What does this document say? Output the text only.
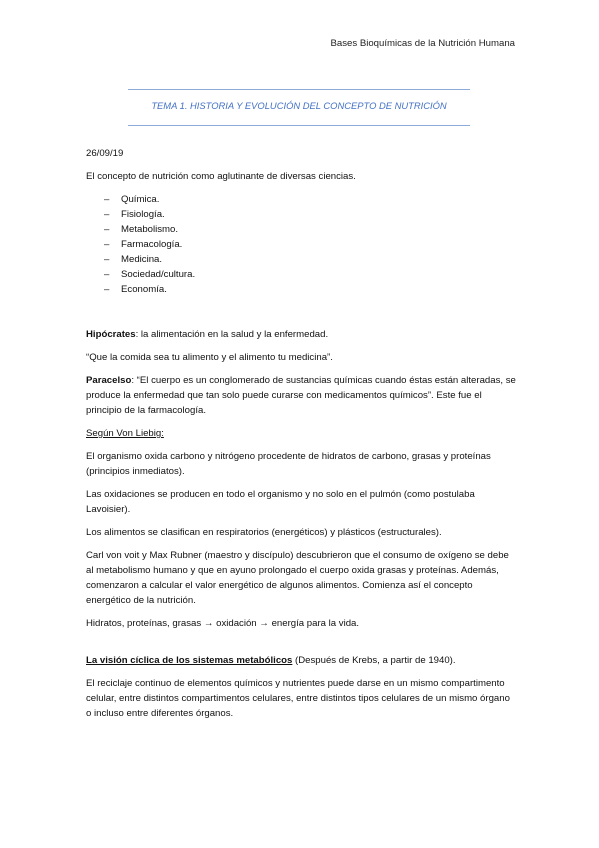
Bases Bioquímicas de la Nutrición Humana
TEMA 1. HISTORIA Y EVOLUCIÓN DEL CONCEPTO DE NUTRICIÓN

26/09/19

El concepto de nutrición como aglutinante de diversas ciencias.

–	Química.
–	Fisiología.
–	Metabolismo.
–	Farmacología.
–	Medicina.
–	Sociedad/cultura.
–	Economía.

Hipócrates: la alimentación en la salud y la enfermedad.

“Que la comida sea tu alimento y el alimento tu medicina”.

Paracelso: “El cuerpo es un conglomerado de sustancias químicas cuando éstas están alteradas, se produce la enfermedad que tan solo puede curarse con medicamentos químicos”. Este fue el principio de la farmacología.

Según Von Liebig:

El organismo oxida carbono y nitrógeno procedente de hidratos de carbono, grasas y proteínas (principios inmediatos).

Las oxidaciones se producen en todo el organismo y no solo en el pulmón (como postulaba Lavoisier).

Los alimentos se clasifican en respiratorios (energéticos) y plásticos (estructurales).

Carl von voit y Max Rubner (maestro y discípulo) descubrieron que el consumo de oxígeno se debe al metabolismo humano y que en ayuno prolongado el cuerpo oxida grasas y proteínas. Además, comenzaron a calcular el valor energético de algunos alimentos. Comienza así el concepto energético de la nutrición.

Hidratos, proteínas, grasas → oxidación → energía para la vida.

La visión cíclica de los sistemas metabólicos (Después de Krebs, a partir de 1940).

El reciclaje continuo de elementos químicos y nutrientes puede darse en un mismo compartimento celular, entre distintos compartimentos celulares, entre distintos tipos celulares de un mismo órgano o incluso entre diferentes órganos.
